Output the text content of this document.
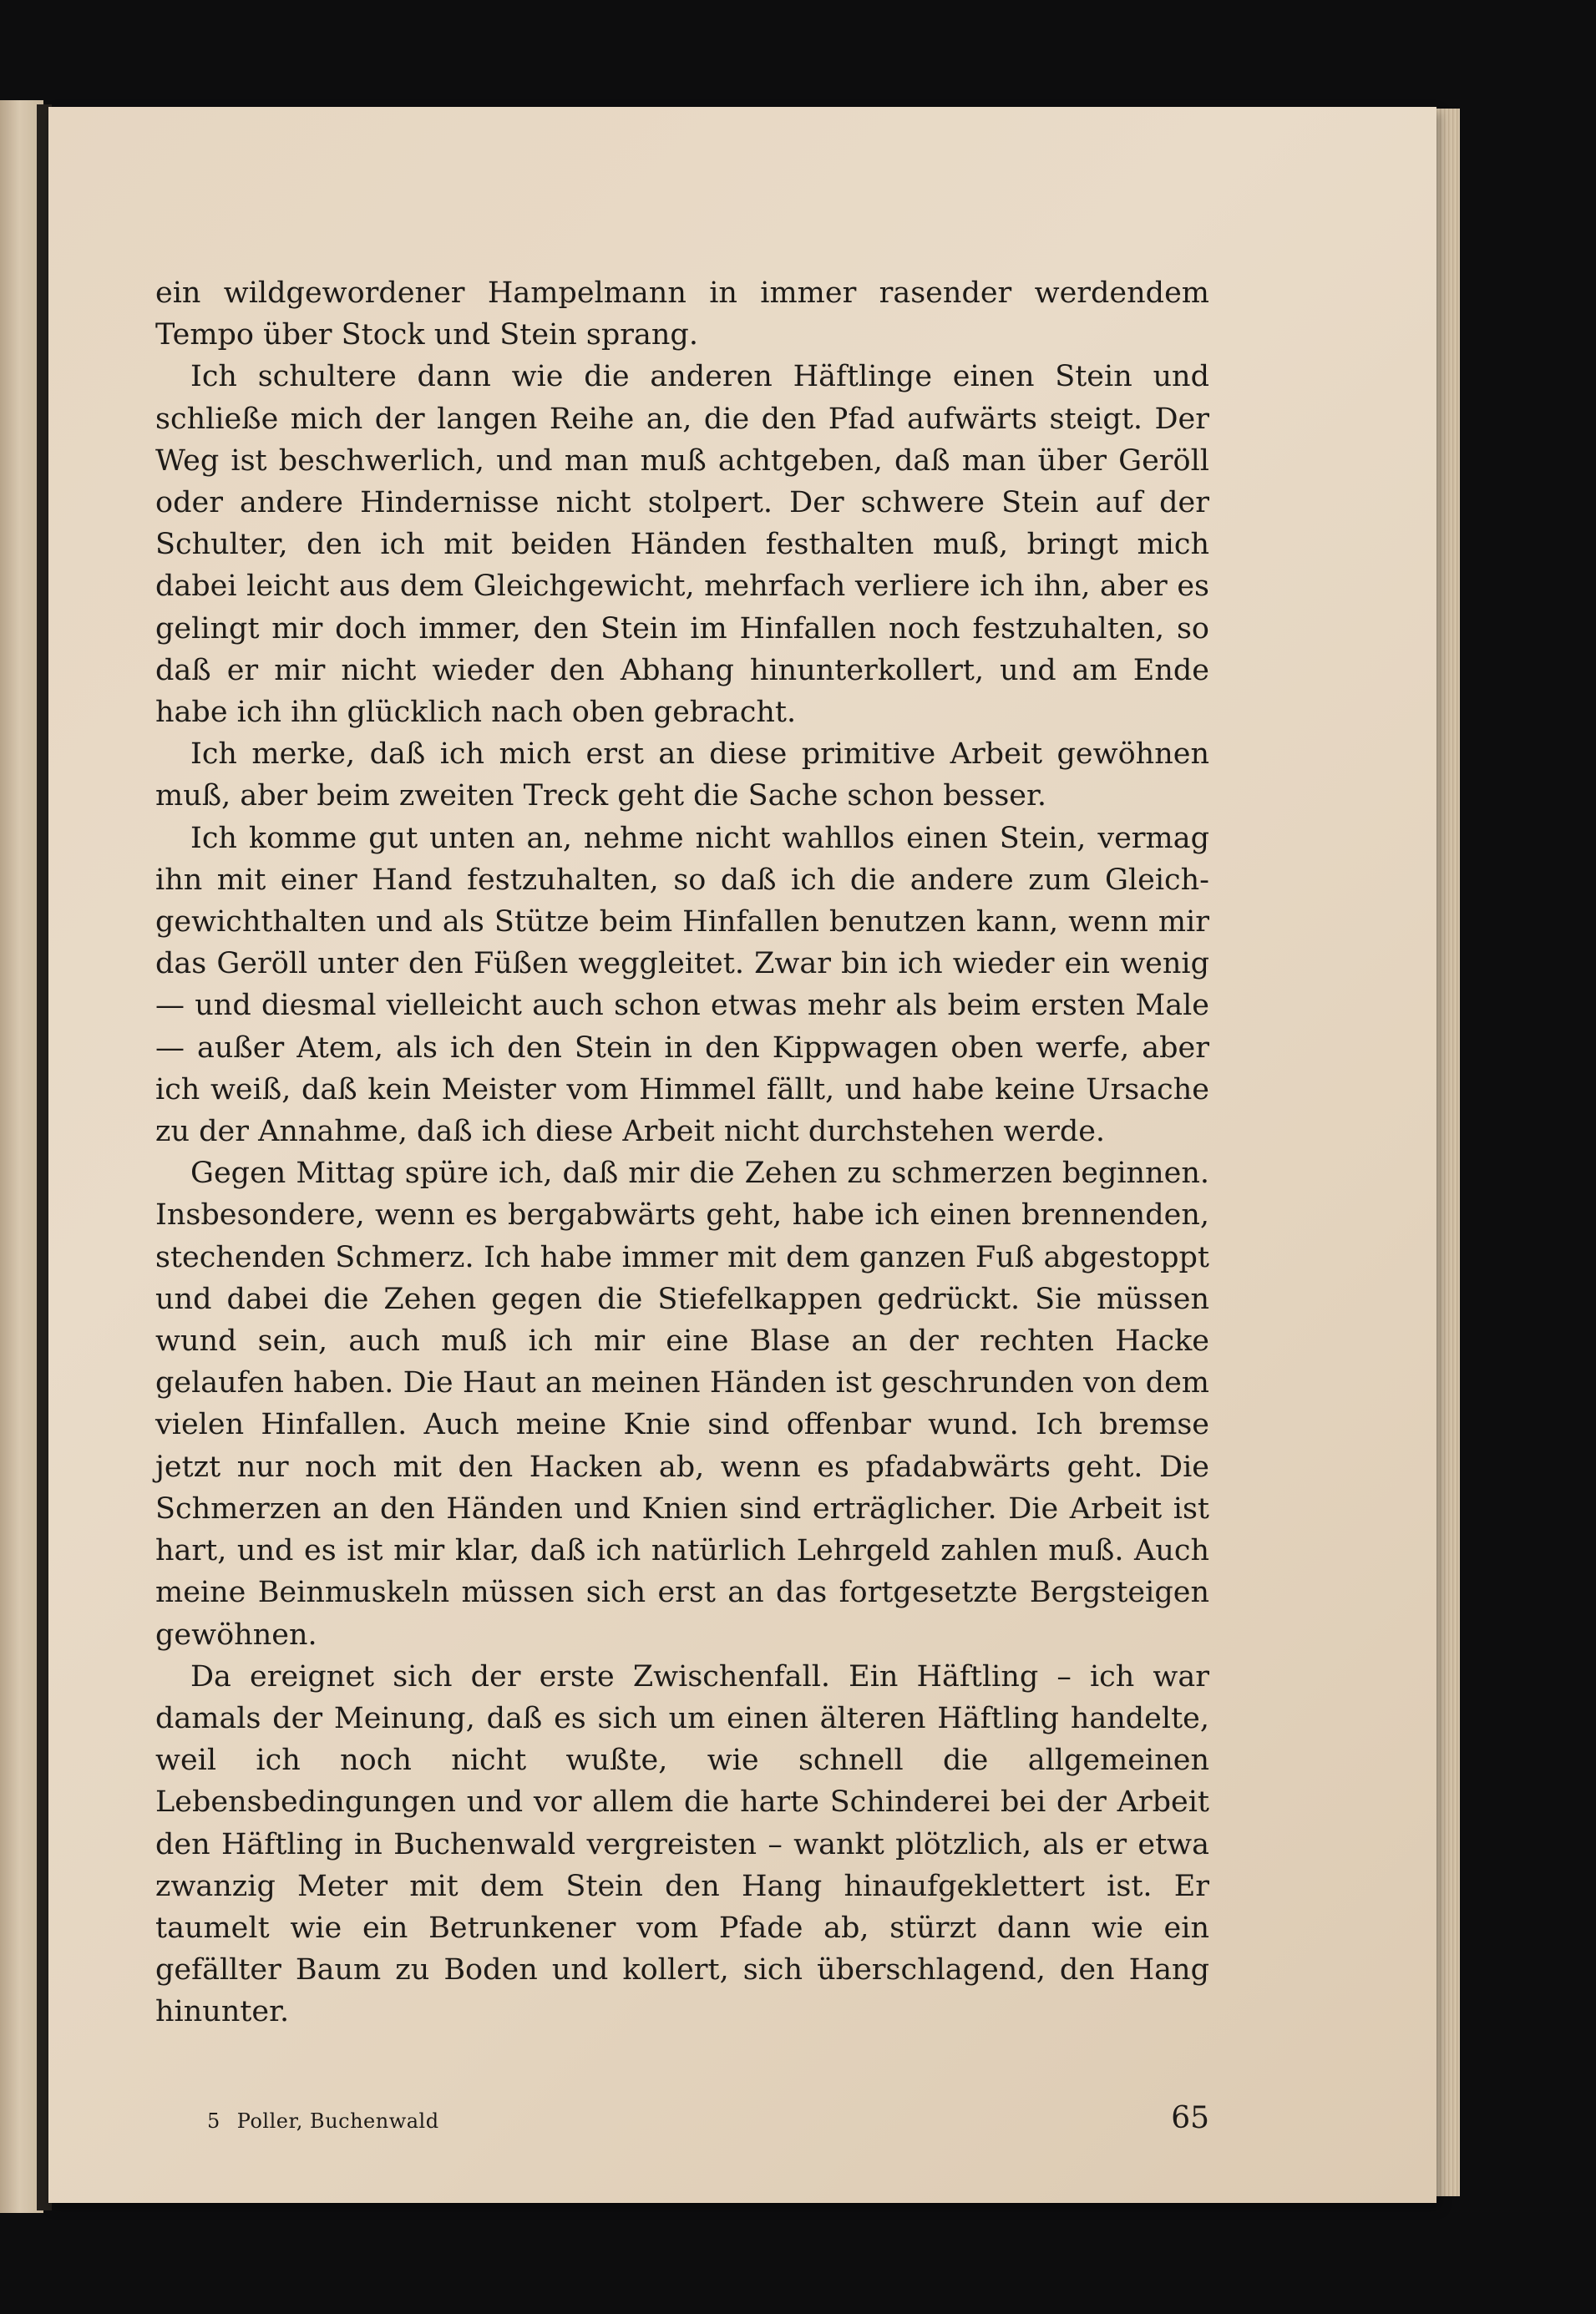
ein wildgewordener Hampelmann in immer rasender werdendem Tempo über Stock und Stein sprang.

Ich schultere dann wie die anderen Häftlinge einen Stein und schließe mich der langen Reihe an, die den Pfad aufwärts steigt. Der Weg ist beschwerlich, und man muß achtgeben, daß man über Geröll oder andere Hindernisse nicht stolpert. Der schwere Stein auf der Schulter, den ich mit beiden Händen festhalten muß, bringt mich dabei leicht aus dem Gleichgewicht, mehrfach verliere ich ihn, aber es gelingt mir doch immer, den Stein im Hinfallen noch festzuhalten, so daß er mir nicht wieder den Abhang hinunterkollert, und am Ende habe ich ihn glücklich nach oben gebracht.

Ich merke, daß ich mich erst an diese primitive Arbeit gewöhnen muß, aber beim zweiten Treck geht die Sache schon besser.

Ich komme gut unten an, nehme nicht wahllos einen Stein, vermag ihn mit einer Hand festzuhalten, so daß ich die andere zum Gleichgewichthalten und als Stütze beim Hinfallen benutzen kann, wenn mir das Geröll unter den Füßen weggleitet. Zwar bin ich wieder ein wenig — und diesmal vielleicht auch schon etwas mehr als beim ersten Male — außer Atem, als ich den Stein in den Kippwagen oben werfe, aber ich weiß, daß kein Meister vom Himmel fällt, und habe keine Ursache zu der Annahme, daß ich diese Arbeit nicht durchstehen werde.

Gegen Mittag spüre ich, daß mir die Zehen zu schmerzen beginnen. Insbesondere, wenn es bergabwärts geht, habe ich einen brennenden, stechenden Schmerz. Ich habe immer mit dem ganzen Fuß abgestoppt und dabei die Zehen gegen die Stiefelkappen gedrückt. Sie müssen wund sein, auch muß ich mir eine Blase an der rechten Hacke gelaufen haben. Die Haut an meinen Händen ist geschrunden von dem vielen Hinfallen. Auch meine Knie sind offenbar wund. Ich bremse jetzt nur noch mit den Hacken ab, wenn es pfadabwärts geht. Die Schmerzen an den Händen und Knien sind erträglicher. Die Arbeit ist hart, und es ist mir klar, daß ich natürlich Lehrgeld zahlen muß. Auch meine Beinmuskeln müssen sich erst an das fortgesetzte Bergsteigen gewöhnen.

Da ereignet sich der erste Zwischenfall. Ein Häftling – ich war damals der Meinung, daß es sich um einen älteren Häftling handelte, weil ich noch nicht wußte, wie schnell die allgemeinen Lebensbedingungen und vor allem die harte Schinderei bei der Arbeit den Häftling in Buchenwald vergreisten – wankt plötzlich, als er etwa zwanzig Meter mit dem Stein den Hang hinaufgeklettert ist. Er taumelt wie ein Betrunkener vom Pfade ab, stürzt dann wie ein gefällter Baum zu Boden und kollert, sich überschlagend, den Hang hinunter.

5 Poller, Buchenwald	65
